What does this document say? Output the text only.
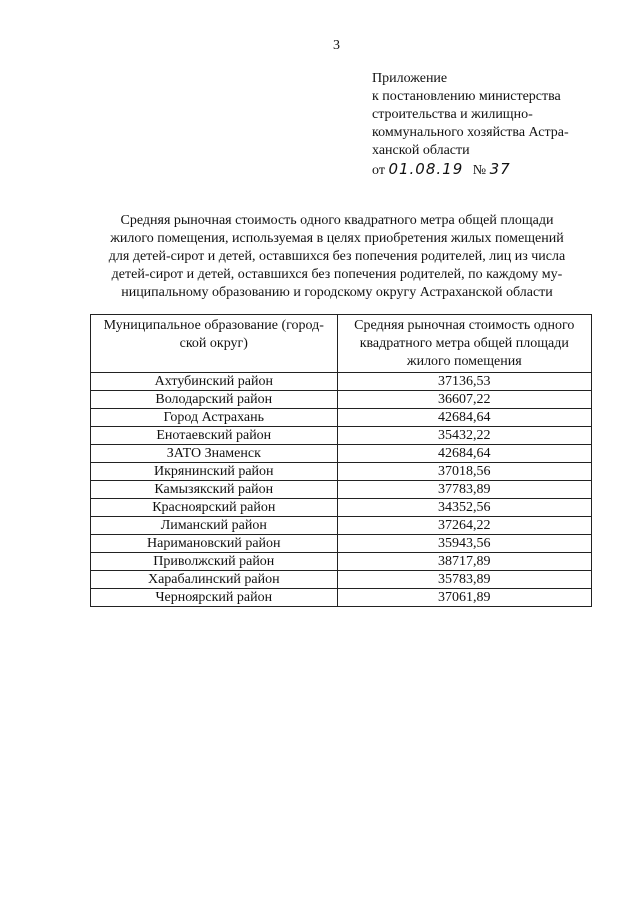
3
Приложение
к постановлению министерства
строительства и жилищно-
коммунального хозяйства Астра-
ханской области
от 01.08.19 № 37
Средняя рыночная стоимость одного квадратного метра общей площади
жилого помещения, используемая в целях приобретения жилых помещений
для детей-сирот и детей, оставшихся без попечения родителей, лиц из числа
детей-сирот и детей, оставшихся без попечения родителей, по каждому му-
ниципальному образованию и городскому округу Астраханской области
Муниципальное образование (город-
ской округ)	Средняя рыночная стоимость одного
квадратного метра общей площади
жилого помещения

Ахтубинский район	37136,53
Володарский район	36607,22
Город Астрахань	42684,64
Енотаевский район	35432,22
ЗАТО Знаменск	42684,64
Икрянинский район	37018,56
Камызякский район	37783,89
Красноярский район	34352,56
Лиманский район	37264,22
Наримановский район	35943,56
Приволжский район	38717,89
Харабалинский район	35783,89
Черноярский район	37061,89
